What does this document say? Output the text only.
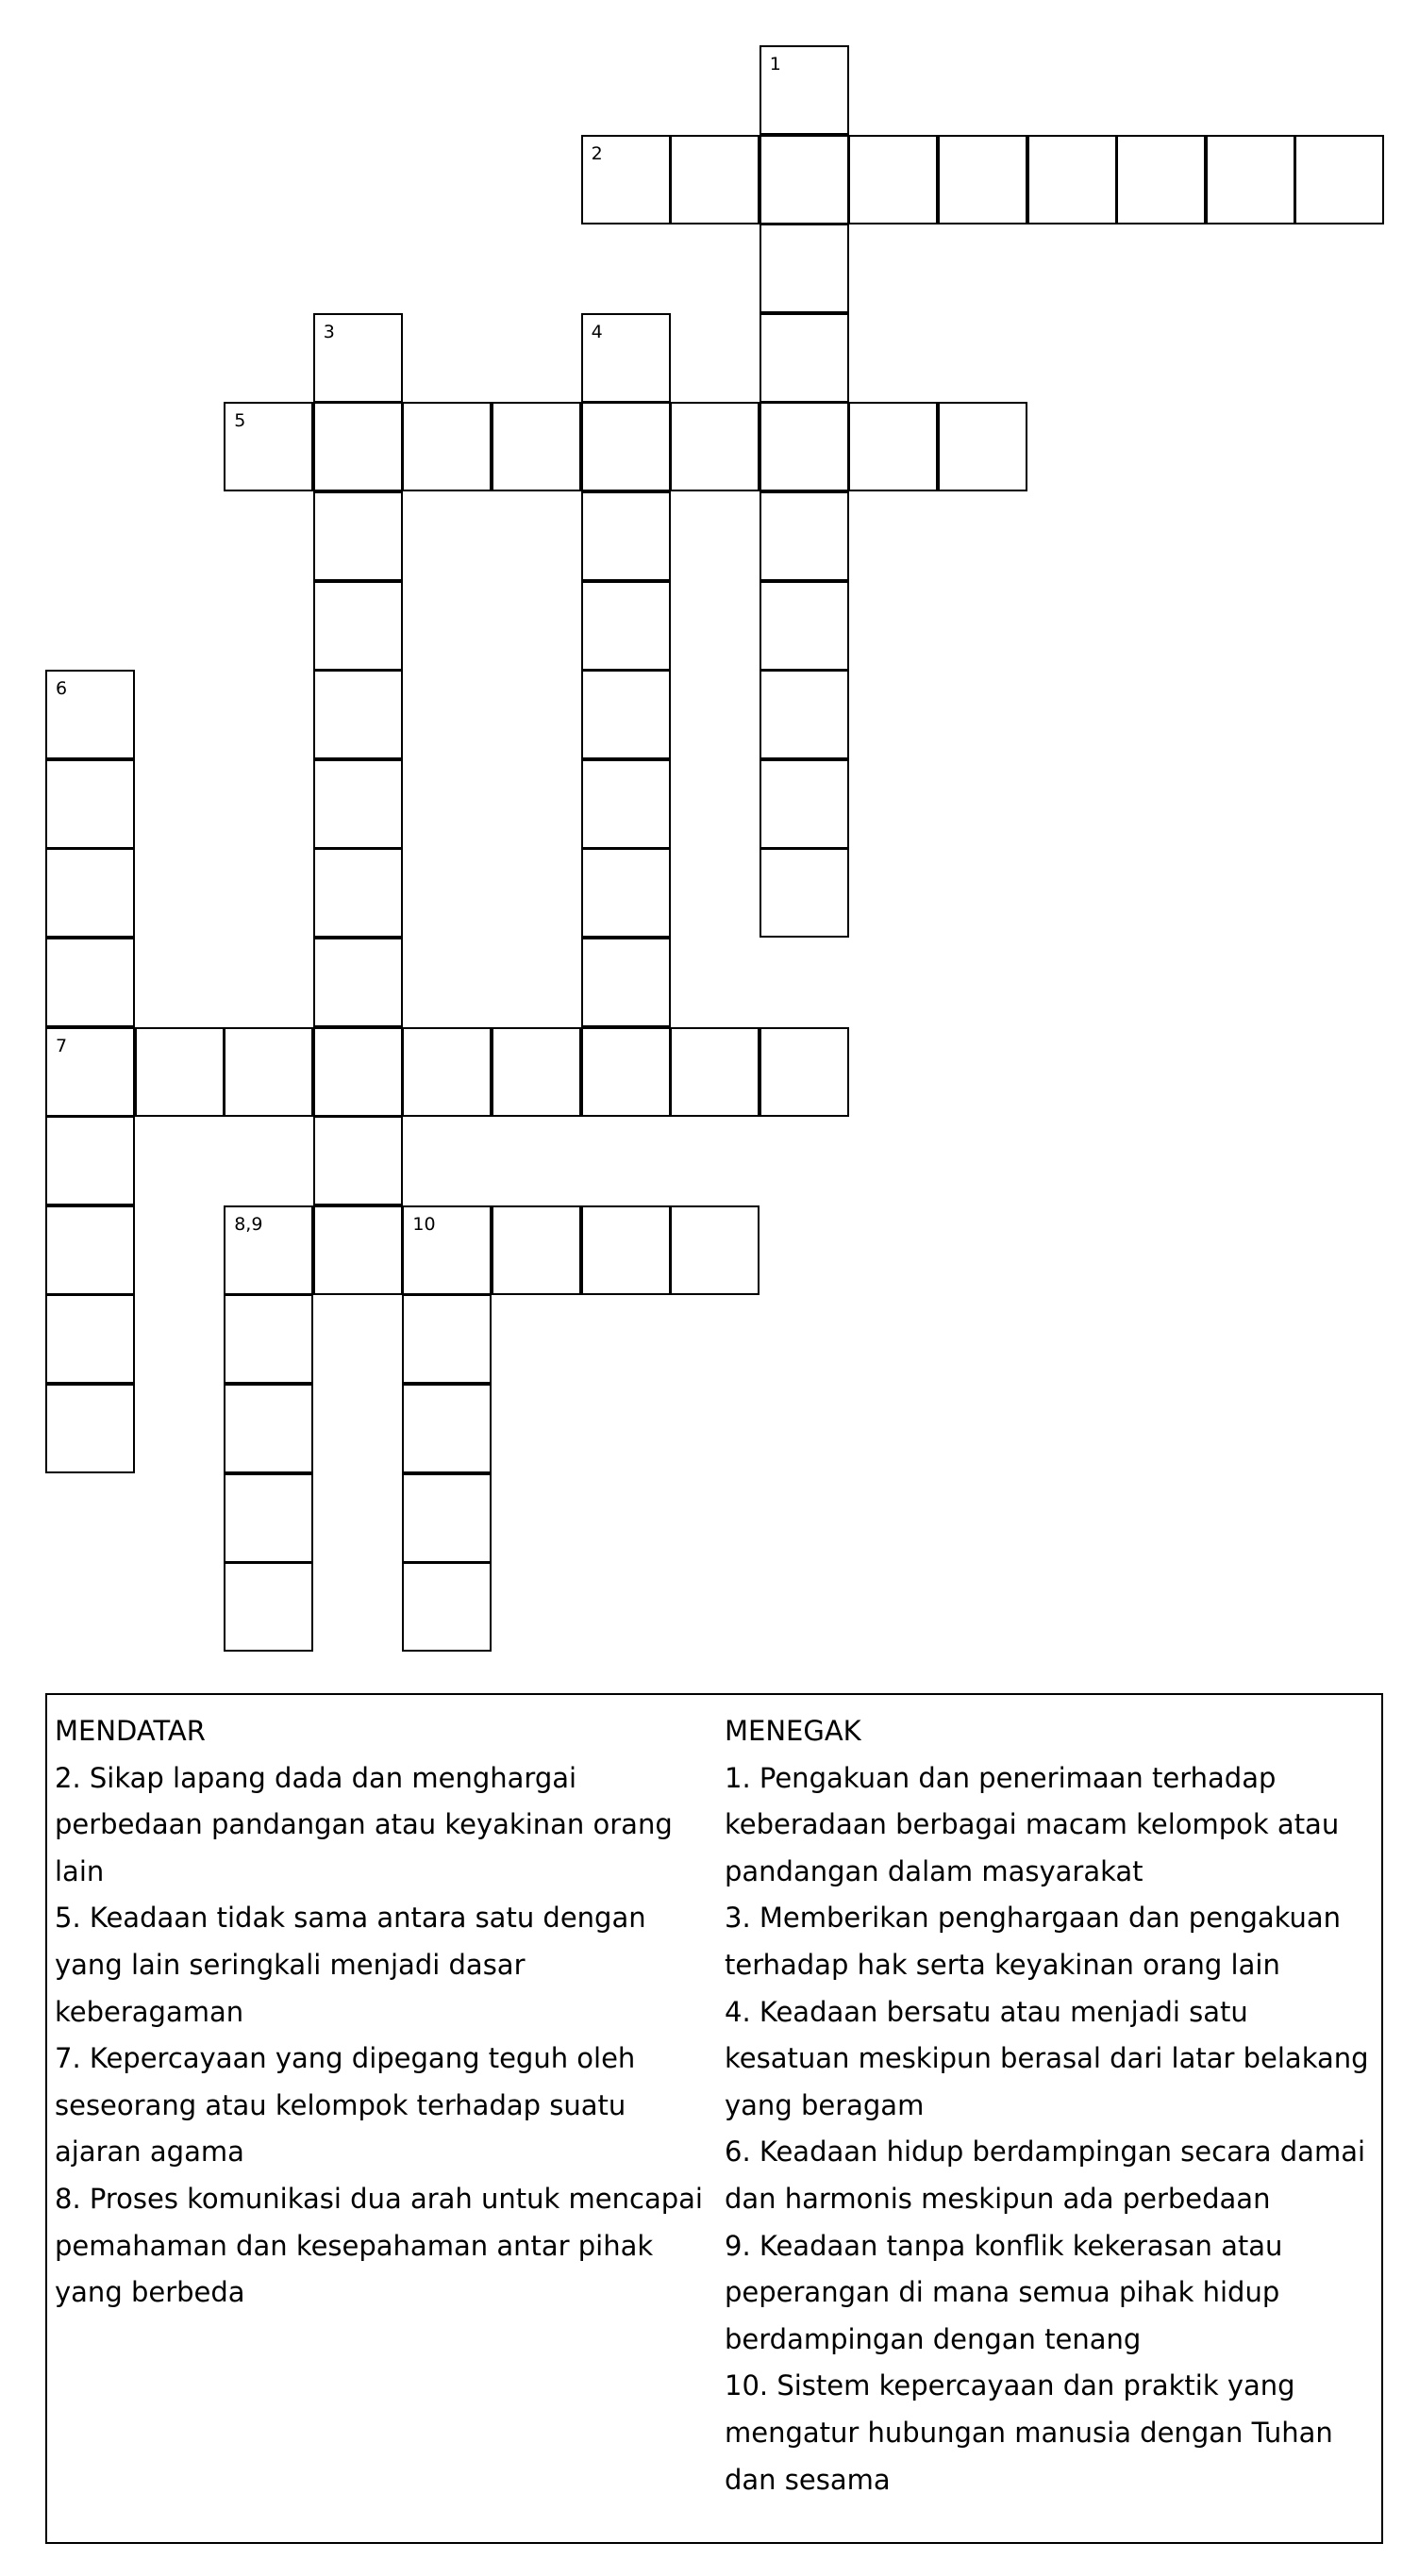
1
2
3	4
5
6
7
8,9	10

MENDATAR

2. Sikap lapang dada dan menghargai perbedaan pandangan atau keyakinan orang lain

5. Keadaan tidak sama antara satu dengan yang lain seringkali menjadi dasar keberagaman

7. Kepercayaan yang dipegang teguh oleh seseorang atau kelompok terhadap suatu ajaran agama

8. Proses komunikasi dua arah untuk mencapai pemahaman dan kesepahaman antar pihak yang berbeda

MENEGAK

1. Pengakuan dan penerimaan terhadap keberadaan berbagai macam kelompok atau pandangan dalam masyarakat

3. Memberikan penghargaan dan pengakuan terhadap hak serta keyakinan orang lain

4. Keadaan bersatu atau menjadi satu kesatuan meskipun berasal dari latar belakang yang beragam

6. Keadaan hidup berdampingan secara damai dan harmonis meskipun ada perbedaan

9. Keadaan tanpa konflik kekerasan atau peperangan di mana semua pihak hidup berdampingan dengan tenang

10. Sistem kepercayaan dan praktik yang mengatur hubungan manusia dengan Tuhan dan sesama
